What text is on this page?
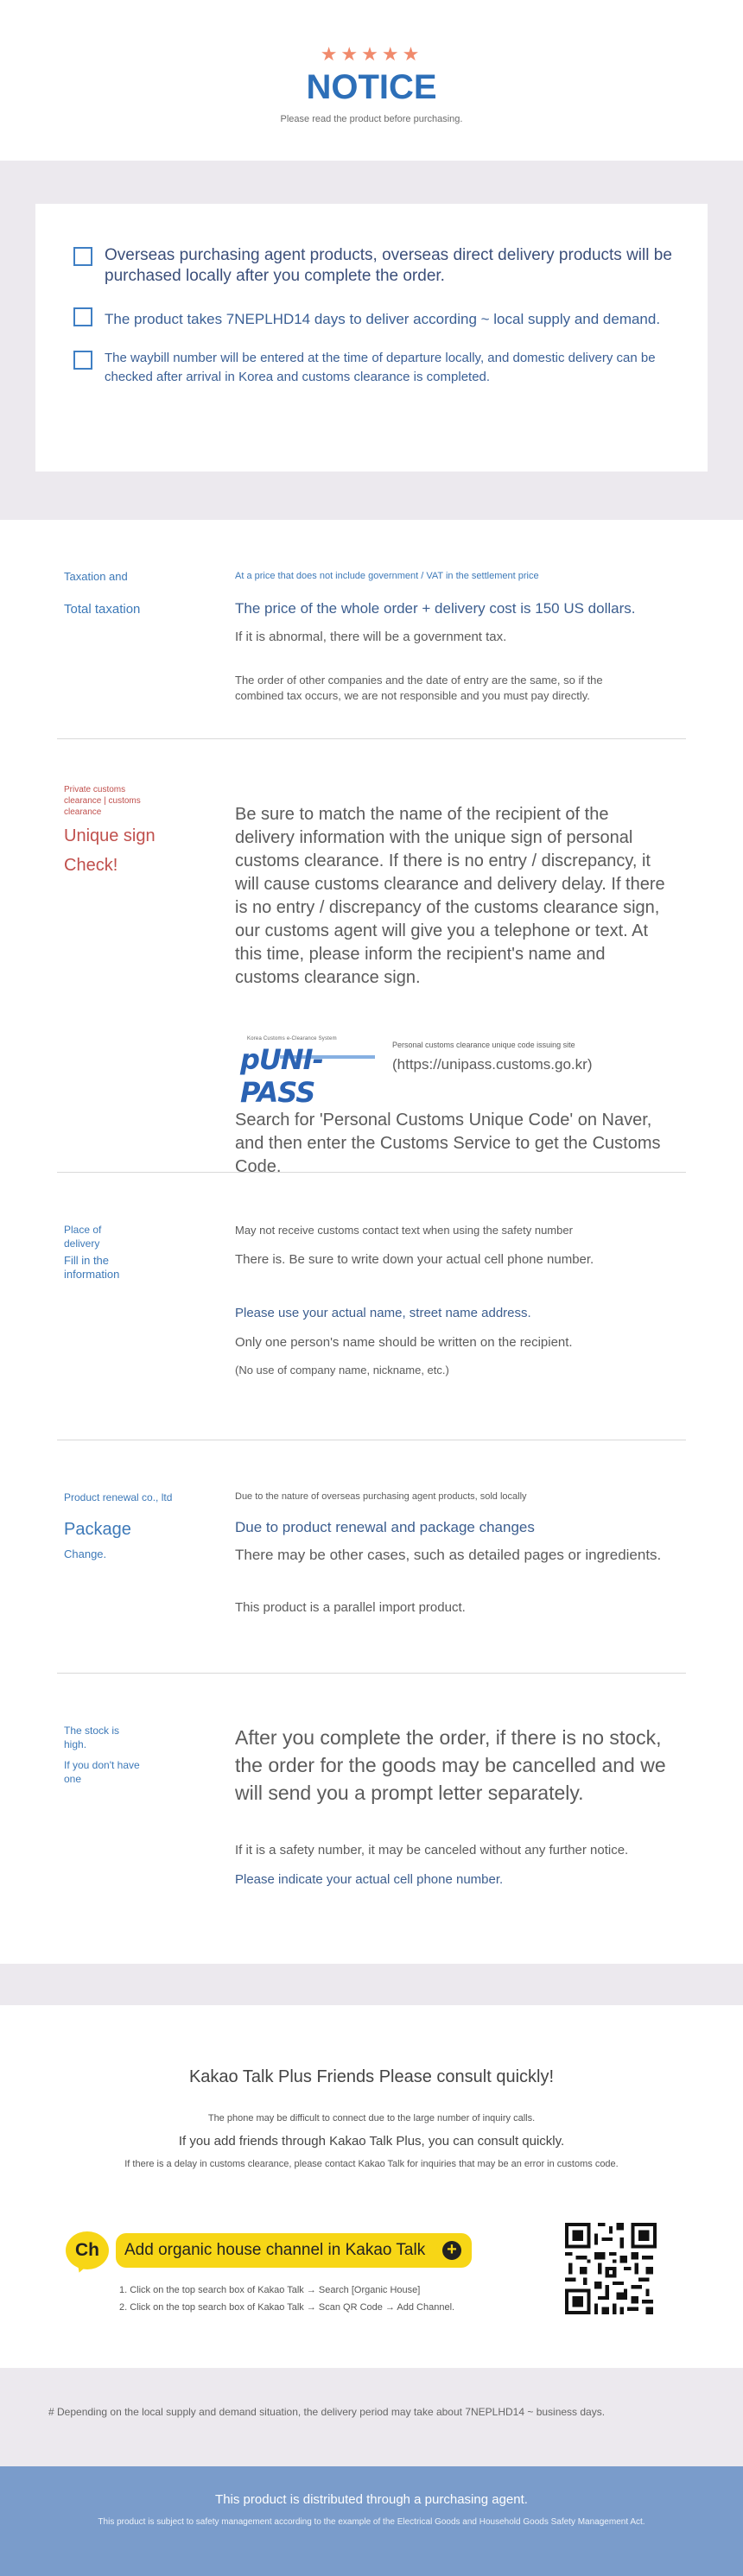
★★★★★
NOTICE
Please read the product before purchasing.
Overseas purchasing agent products, overseas direct delivery products will be purchased locally after you complete the order.
The product takes 7NEPLHD14 days to deliver according ~ local supply and demand.
The waybill number will be entered at the time of departure locally, and domestic delivery can be checked after arrival in Korea and customs clearance is completed.
Taxation and
Total taxation
At a price that does not include government / VAT in the settlement price
The price of the whole order + delivery cost is 150 US dollars.
If it is abnormal, there will be a government tax.
The order of other companies and the date of entry are the same, so if the combined tax occurs, we are not responsible and you must pay directly.
Private customs clearance | customs clearance
Unique sign
Check!
Be sure to match the name of the recipient of the delivery information with the unique sign of personal customs clearance. If there is no entry / discrepancy, it will cause customs clearance and delivery delay. If there is no entry / discrepancy of the customs clearance sign, our customs agent will give you a telephone or text. At this time, please inform the recipient's name and customs clearance sign.
Korea Customs e-Clearance System
pUNI-PASS
Personal customs clearance unique code issuing site
(https://unipass.customs.go.kr)
Search for 'Personal Customs Unique Code' on Naver, and then enter the Customs Service to get the Customs Code.
Place of delivery
Fill in the information
May not receive customs contact text when using the safety number
There is. Be sure to write down your actual cell phone number.
Please use your actual name, street name address.
Only one person's name should be written on the recipient.
(No use of company name, nickname, etc.)
Product renewal co., ltd
Package
Change.
Due to the nature of overseas purchasing agent products, sold locally
Due to product renewal and package changes
There may be other cases, such as detailed pages or ingredients.
This product is a parallel import product.
The stock is high.
If you don't have one
After you complete the order, if there is no stock, the order for the goods may be cancelled and we will send you a prompt letter separately.
If it is a safety number, it may be canceled without any further notice.
Please indicate your actual cell phone number.
Kakao Talk Plus Friends Please consult quickly!
The phone may be difficult to connect due to the large number of inquiry calls.
If you add friends through Kakao Talk Plus, you can consult quickly.
If there is a delay in customs clearance, please contact Kakao Talk for inquiries that may be an error in customs code.
Ch	Add organic house channel in Kakao Talk +
1. Click on the top search box of Kakao Talk → Search [Organic House]
2. Click on the top search box of Kakao Talk → Scan QR Code → Add Channel.
# Depending on the local supply and demand situation, the delivery period may take about 7NEPLHD14 ~ business days.
This product is distributed through a purchasing agent.
This product is subject to safety management according to the example of the Electrical Goods and Household Goods Safety Management Act.
